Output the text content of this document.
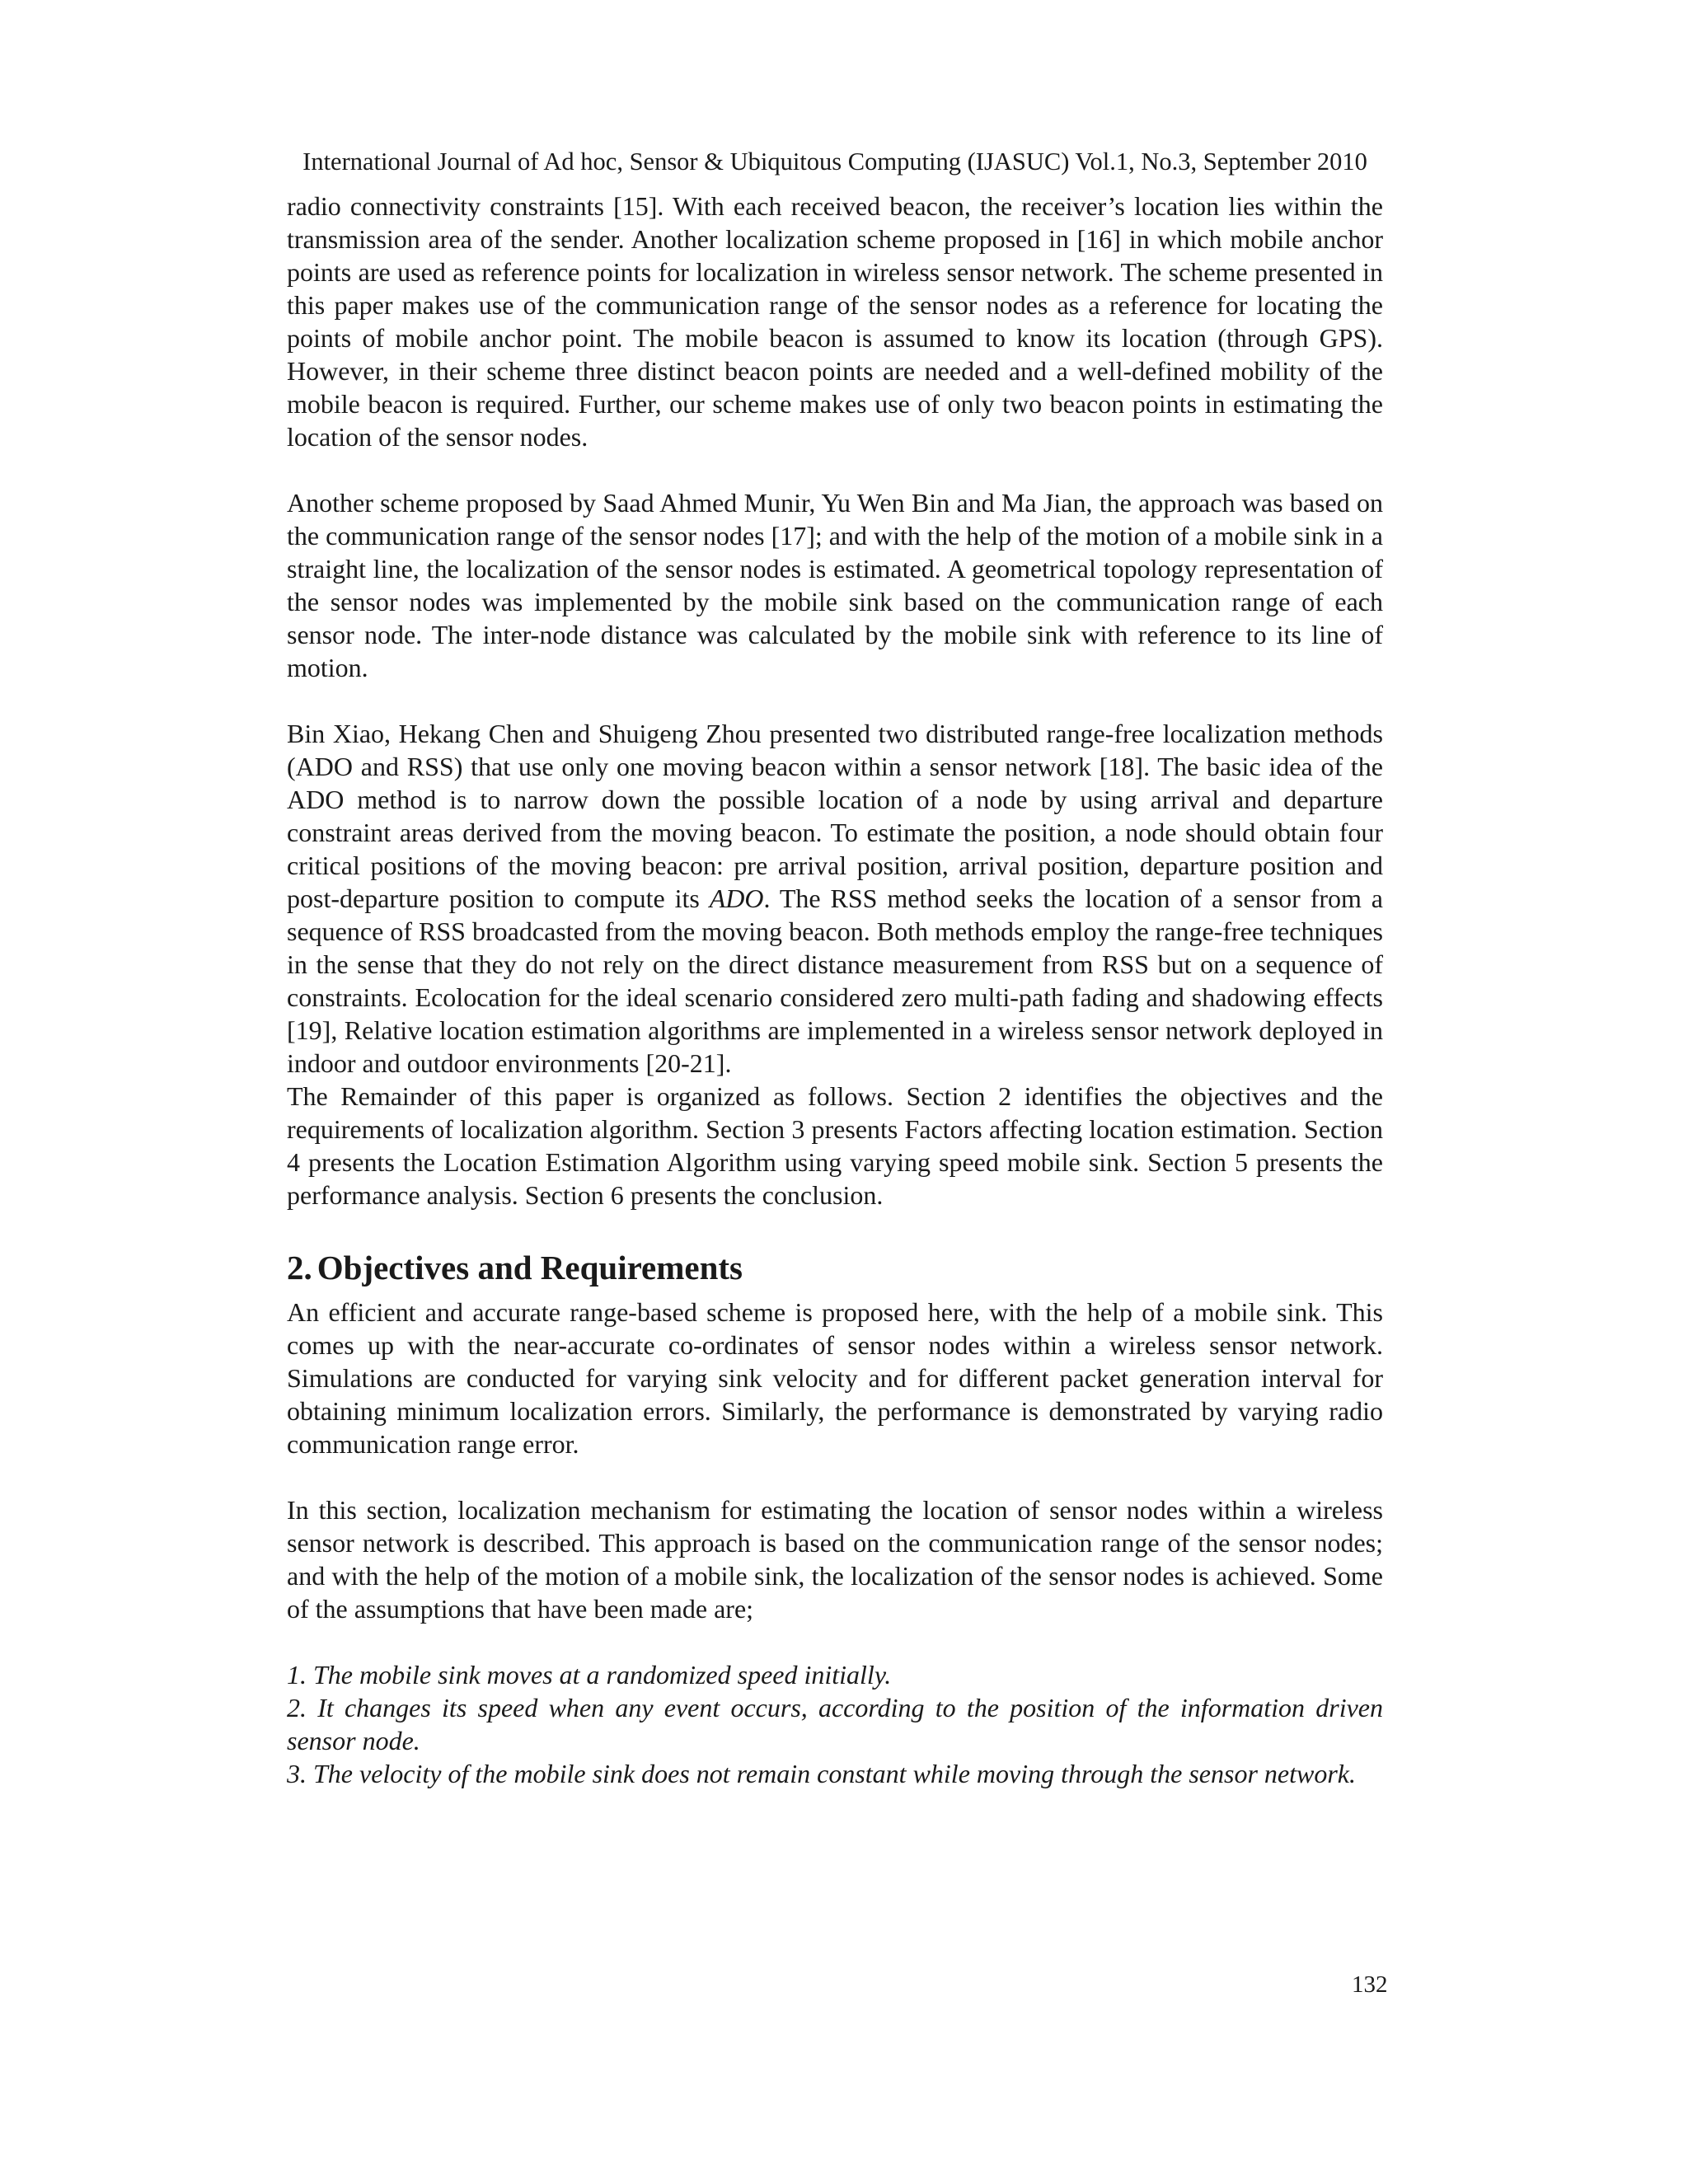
International Journal of Ad hoc, Sensor & Ubiquitous Computing (IJASUC) Vol.1, No.3, September 2010

radio connectivity constraints [15]. With each received beacon, the receiver’s location lies within the transmission area of the sender. Another localization scheme proposed in [16] in which mobile anchor points are used as reference points for localization in wireless sensor network. The scheme presented in this paper makes use of the communication range of the sensor nodes as a reference for locating the points of mobile anchor point. The mobile beacon is assumed to know its location (through GPS). However, in their scheme three distinct beacon points are needed and a well-defined mobility of the mobile beacon is required. Further, our scheme makes use of only two beacon points in estimating the location of the sensor nodes.

Another scheme proposed by Saad Ahmed Munir, Yu Wen Bin and Ma Jian, the approach was based on the communication range of the sensor nodes [17]; and with the help of the motion of a mobile sink in a straight line, the localization of the sensor nodes is estimated. A geometrical topology representation of the sensor nodes was implemented by the mobile sink based on the communication range of each sensor node. The inter-node distance was calculated by the mobile sink with reference to its line of motion.

Bin Xiao, Hekang Chen and Shuigeng Zhou presented two distributed range-free localization methods (ADO and RSS) that use only one moving beacon within a sensor network [18]. The basic idea of the ADO method is to narrow down the possible location of a node by using arrival and departure constraint areas derived from the moving beacon. To estimate the position, a node should obtain four critical positions of the moving beacon: pre arrival position, arrival position, departure position and post-departure position to compute its ADO. The RSS method seeks the location of a sensor from a sequence of RSS broadcasted from the moving beacon. Both methods employ the range-free techniques in the sense that they do not rely on the direct distance measurement from RSS but on a sequence of constraints. Ecolocation for the ideal scenario considered zero multi-path fading and shadowing effects [19], Relative location estimation algorithms are implemented in a wireless sensor network deployed in indoor and outdoor environments [20-21].

The Remainder of this paper is organized as follows. Section 2 identifies the objectives and the requirements of localization algorithm. Section 3 presents Factors affecting location estimation. Section 4 presents the Location Estimation Algorithm using varying speed mobile sink. Section 5 presents the performance analysis. Section 6 presents the conclusion.

2. Objectives and Requirements

An efficient and accurate range-based scheme is proposed here, with the help of a mobile sink. This comes up with the near-accurate co-ordinates of sensor nodes within a wireless sensor network. Simulations are conducted for varying sink velocity and for different packet generation interval for obtaining minimum localization errors. Similarly, the performance is demonstrated by varying radio communication range error.

In this section, localization mechanism for estimating the location of sensor nodes within a wireless sensor network is described. This approach is based on the communication range of the sensor nodes; and with the help of the motion of a mobile sink, the localization of the sensor nodes is achieved. Some of the assumptions that have been made are;

1. The mobile sink moves at a randomized speed initially.
2. It changes its speed when any event occurs, according to the position of the information driven sensor node.
3. The velocity of the mobile sink does not remain constant while moving through the sensor network.
132
